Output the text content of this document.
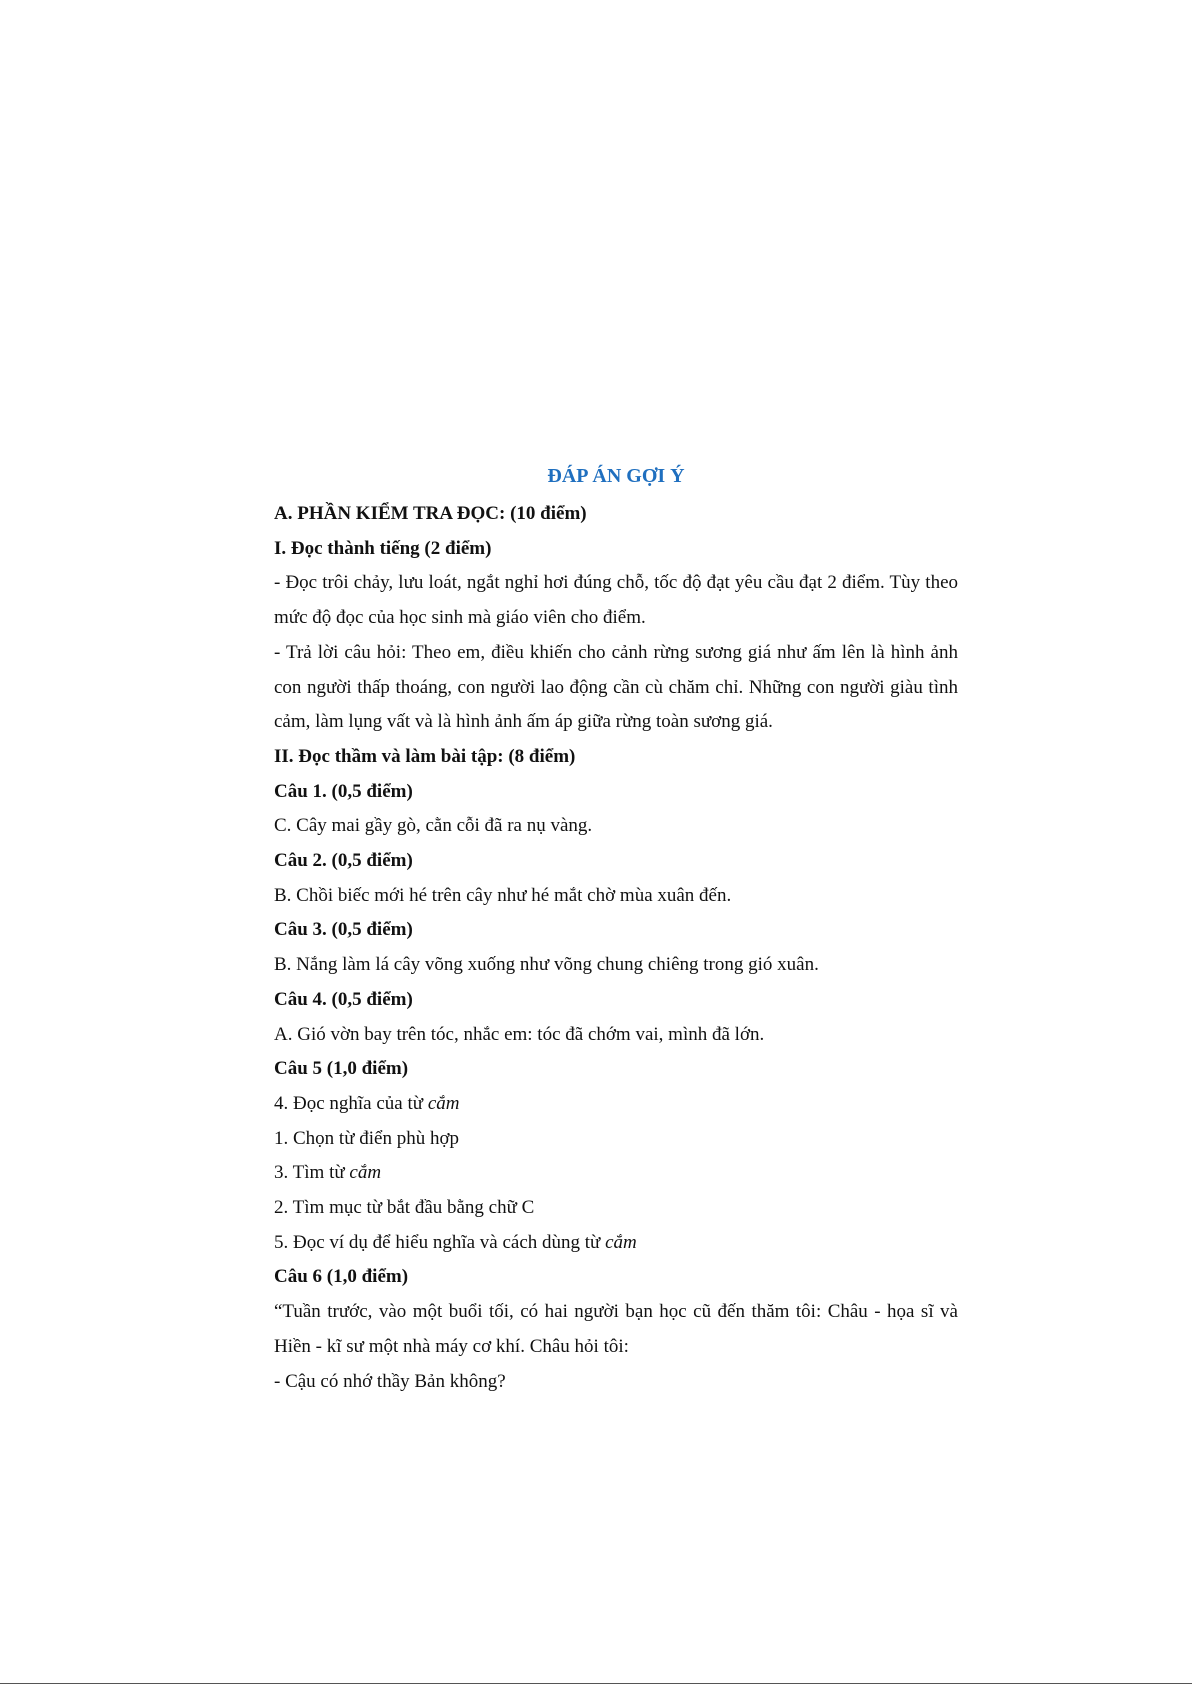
ĐÁP ÁN GỢI Ý

A. PHẦN KIỂM TRA ĐỌC: (10 điểm)

I. Đọc thành tiếng (2 điểm)

- Đọc trôi chảy, lưu loát, ngắt nghỉ hơi đúng chỗ, tốc độ đạt yêu cầu đạt 2 điểm. Tùy theo mức độ đọc của học sinh mà giáo viên cho điểm.

- Trả lời câu hỏi: Theo em, điều khiến cho cảnh rừng sương giá như ấm lên là hình ảnh con người thấp thoáng, con người lao động cần cù chăm chỉ. Những con người giàu tình cảm, làm lụng vất và là hình ảnh ấm áp giữa rừng toàn sương giá.

II. Đọc thầm và làm bài tập: (8 điểm)

Câu 1. (0,5 điểm)

C. Cây mai gầy gò, cằn cỗi đã ra nụ vàng.

Câu 2. (0,5 điểm)

B. Chồi biếc mới hé trên cây như hé mắt chờ mùa xuân đến.

Câu 3. (0,5 điểm)

B. Nắng làm lá cây võng xuống như võng chung chiêng trong gió xuân.

Câu 4. (0,5 điểm)

A. Gió vờn bay trên tóc, nhắc em: tóc đã chớm vai, mình đã lớn.

Câu 5 (1,0 điểm)

4. Đọc nghĩa của từ cắm

1. Chọn từ điển phù hợp

3. Tìm từ cắm

2. Tìm mục từ bắt đầu bằng chữ C

5. Đọc ví dụ để hiểu nghĩa và cách dùng từ cắm

Câu 6 (1,0 điểm)

“Tuần trước, vào một buổi tối, có hai người bạn học cũ đến thăm tôi: Châu - họa sĩ và Hiền - kĩ sư một nhà máy cơ khí. Châu hỏi tôi:

- Cậu có nhớ thầy Bản không?
